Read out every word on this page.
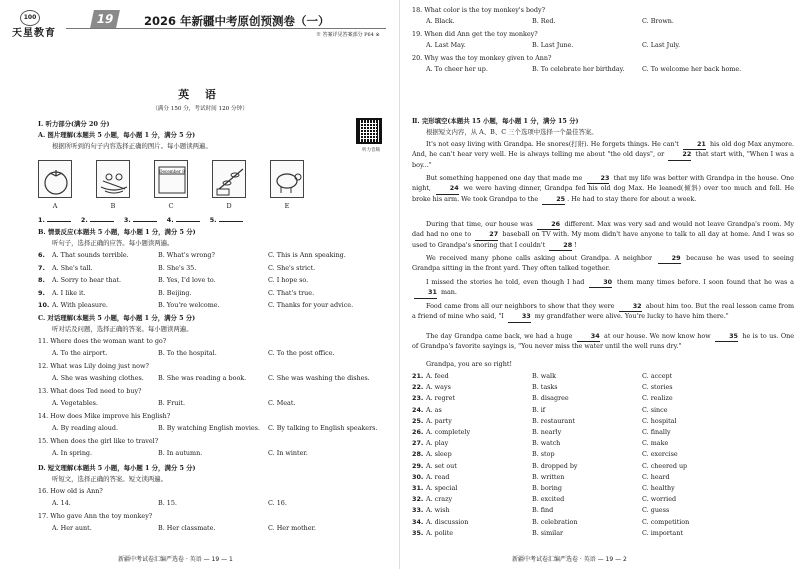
100
天星教育
19	2026 年新疆中考原创预测卷（一）
※ 答案详见答案部分 P64 ※
英 语
（满分 150 分，考试时间 120 分钟）
听力音频
Ⅰ. 听力部分(满分 20 分)
A. 图片理解(本题共 5 小题，每小题 1 分，满分 5 分)
根据所听到的句子内容选择正确的图片。每小题读两遍。
December 8
A	B	C	D	E
1.	2.	3.	4.	5.
B. 情景反应(本题共 5 小题，每小题 1 分，满分 5 分)
听句子，选择正确的应答。每小题读两遍。
6. A. That sounds terrible.	B. What's wrong?	C. This is Ann speaking.
7. A. She's tall.	B. She's 35.	C. She's strict.
8. A. Sorry to hear that.	B. Yes, I'd love to.	C. I hope so.
9. A. I like it.	B. Beijing.	C. That's true.
10. A. With pleasure.	B. You're welcome.	C. Thanks for your advice.
C. 对话理解(本题共 5 小题，每小题 1 分，满分 5 分)
听对话及问题，选择正确的答案。每小题读两遍。
11. Where does the woman want to go?
A. To the airport.	B. To the hospital.	C. To the post office.
12. What was Lily doing just now?
A. She was washing clothes. B. She was reading a book.	C. She was washing the dishes.
13. What does Ted need to buy?
A. Vegetables.	B. Fruit.	C. Meat.
14. How does Mike improve his English?
A. By reading aloud.	B. By watching English movies. C. By talking to English speakers.
15. When does the girl like to travel?
A. In spring.	B. In autumn.	C. In winter.
D. 短文理解(本题共 5 小题，每小题 1 分，满分 5 分)
听短文，选择正确的答案。短文读两遍。
16. How old is Ann?
A. 14.	B. 15.	C. 16.
17. Who gave Ann the toy monkey?
A. Her aunt.	B. Her classmate.	C. Her mother.
新疆中考试卷汇编严选卷 · 英语 — 19 — 1
18. What color is the toy monkey's body?
A. Black.	B. Red.	C. Brown.
19. When did Ann get the toy monkey?
A. Last May.	B. Last June.	C. Last July.
20. Why was the toy monkey given to Ann?
A. To cheer her up.	B. To celebrate her birthday.	C. To welcome her back home.
Ⅱ. 完形填空(本题共 15 小题，每小题 1 分，满分 15 分)
根据短文内容，从 A、B、C 三个选项中选择一个最佳答案。
It's not easy living with Grandpa. He snores(打鼾). He forgets things. He can't	21 his old dog Max anymore. And, he can't hear very well. He is always telling me about "the old days", or	22 that start with, "When I was a boy..."
But something happened one day that made me	23 that my life was better with Grandpa in the house. One night,	24 we were having dinner, Grandpa fed his old dog Max. He leaned(倾斜) over too much and fell. He broke his arm. We took Grandpa to the	25 . He had to stay there for about a week.
During that time, our house was	26 different. Max was very sad and would not leave Grandpa's room. My dad had no one to	27 baseball on TV with. My mom didn't have anyone to talk to all day at home. And I was so used to Grandpa's snoring that I couldn't	28 !
We received many phone calls asking about Grandpa. A neighbor	29 because he was used to seeing Grandpa sitting in the front yard. They often talked together.
I missed the stories he told, even though I had	30 them many times before. I soon found that he was a 31 man.
Food came from all our neighbors to show that they were	32 about him too. But the real lesson came from a friend of mine who said, "I	33 my grandfather were alive. You're lucky to have him there."
The day Grandpa came back, we had a huge	34 at our house. We now know how	35 he is to us. One of Grandpa's favorite sayings is, "You never miss the water until the well runs dry."
Grandpa, you are so right!
21. A. feed	B. walk	C. accept
22. A. ways	B. tasks	C. stories
23. A. regret	B. disagree	C. realize
24. A. as	B. if	C. since
25. A. party	B. restaurant	C. hospital
26. A. completely	B. nearly	C. finally
27. A. play	B. watch	C. make
28. A. sleep	B. stop	C. exercise
29. A. set out	B. dropped by	C. cheered up
30. A. read	B. written	C. heard
31. A. special	B. boring	C. healthy
32. A. crazy	B. excited	C. worried
33. A. wish	B. find	C. guess
34. A. discussion	B. celebration	C. competition
35. A. polite	B. similar	C. important
新疆中考试卷汇编严选卷 · 英语 — 19 — 2
